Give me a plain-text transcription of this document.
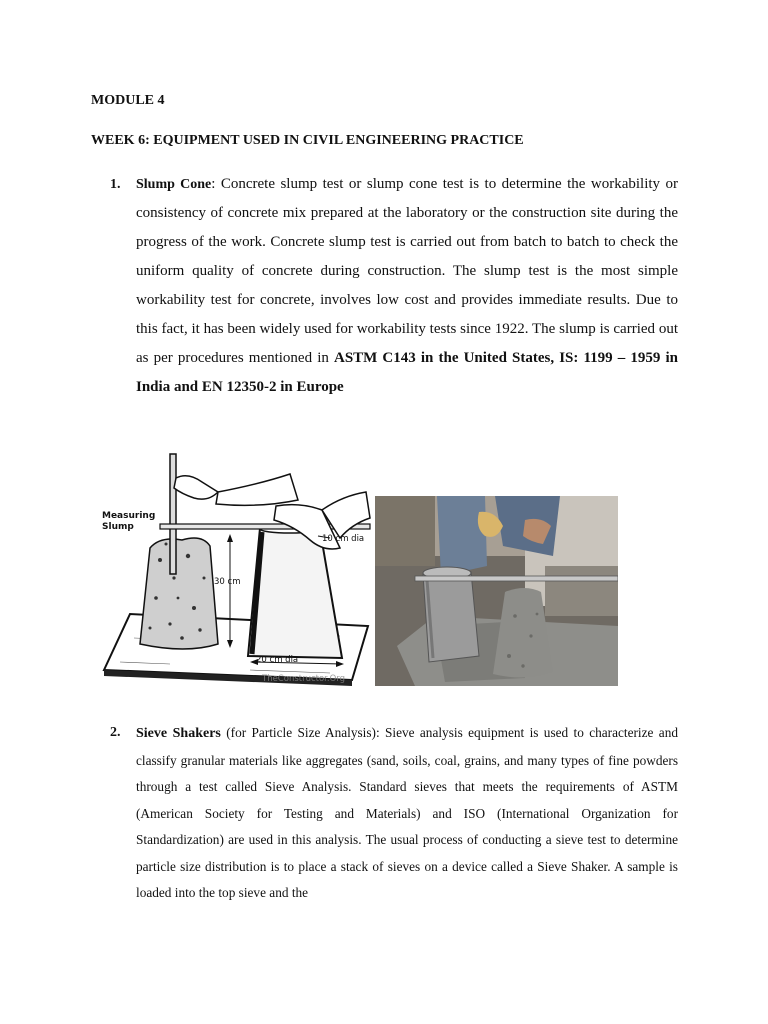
MODULE 4
WEEK 6: EQUIPMENT USED IN CIVIL ENGINEERING PRACTICE
1. Slump Cone: Concrete slump test or slump cone test is to determine the workability or consistency of concrete mix prepared at the laboratory or the construction site during the progress of the work. Concrete slump test is carried out from batch to batch to check the uniform quality of concrete during construction. The slump test is the most simple workability test for concrete, involves low cost and provides immediate results. Due to this fact, it has been widely used for workability tests since 1922. The slump is carried out as per procedures mentioned in ASTM C143 in the United States, IS: 1199 – 1959 in India and EN 12350-2 in Europe
Measuring
Slump
10 cm dia
30 cm
20 cm dia
TheConstructor.Org
2. Sieve Shakers (for Particle Size Analysis): Sieve analysis equipment is used to characterize and classify granular materials like aggregates (sand, soils, coal, grains, and many types of fine powders through a test called Sieve Analysis. Standard sieves that meets the requirements of ASTM (American Society for Testing and Materials) and ISO (International Organization for Standardization) are used in this analysis. The usual process of conducting a sieve test to determine particle size distribution is to place a stack of sieves on a device called a Sieve Shaker. A sample is loaded into the top sieve and the
